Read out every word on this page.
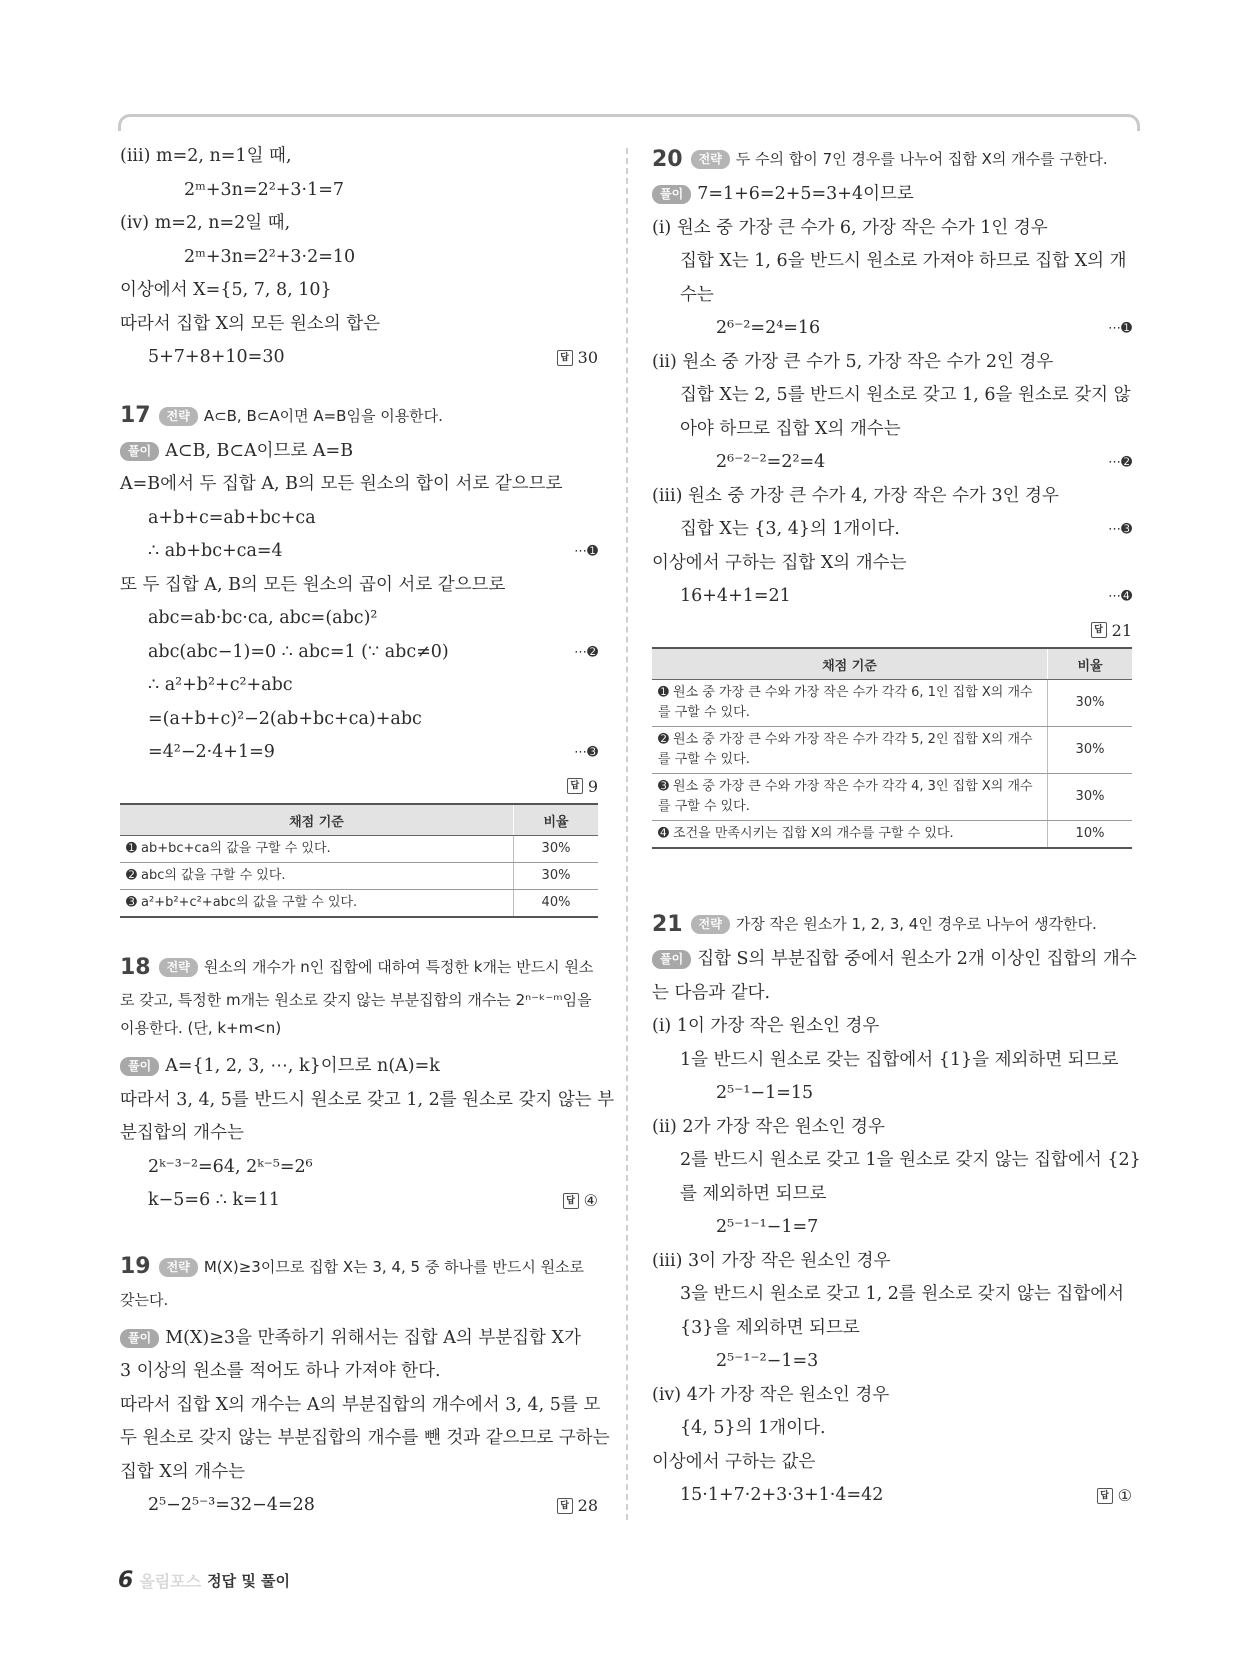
(iii) m=2, n=1일 때,
2ᵐ+3n=2²+3·1=7
(iv) m=2, n=2일 때,
2ᵐ+3n=2²+3·2=10
이상에서 X={5, 7, 8, 10}
따라서 집합 X의 모든 원소의 합은
5+7+8+10=30	답 30
17 전략 A⊂B, B⊂A이면 A=B임을 이용한다.
풀이 A⊂B, B⊂A이므로 A=B
A=B에서 두 집합 A, B의 모든 원소의 합이 서로 같으므로
a+b+c=ab+bc+ca
∴ ab+bc+ca=4	⋯➊
또 두 집합 A, B의 모든 원소의 곱이 서로 같으므로
abc=ab·bc·ca, abc=(abc)²
abc(abc−1)=0 ∴ abc=1 (∵ abc≠0)	⋯➋
∴ a²+b²+c²+abc
=(a+b+c)²−2(ab+bc+ca)+abc
=4²−2·4+1=9	⋯➌
답 9
채점 기준	비율
➊ ab+bc+ca의 값을 구할 수 있다.	30%
➋ abc의 값을 구할 수 있다.	30%
➌ a²+b²+c²+abc의 값을 구할 수 있다.	40%
18 전략 원소의 개수가 n인 집합에 대하여 특정한 k개는 반드시 원소
로 갖고, 특정한 m개는 원소로 갖지 않는 부분집합의 개수는 2ⁿ⁻ᵏ⁻ᵐ임을
이용한다. (단, k+m<n)
풀이 A={1, 2, 3, ⋯, k}이므로 n(A)=k
따라서 3, 4, 5를 반드시 원소로 갖고 1, 2를 원소로 갖지 않는 부
분집합의 개수는
2ᵏ⁻³⁻²=64, 2ᵏ⁻⁵=2⁶
k−5=6 ∴ k=11	답 ④
19 전략 M(X)≥3이므로 집합 X는 3, 4, 5 중 하나를 반드시 원소로
갖는다.
풀이 M(X)≥3을 만족하기 위해서는 집합 A의 부분집합 X가
3 이상의 원소를 적어도 하나 가져야 한다.
따라서 집합 X의 개수는 A의 부분집합의 개수에서 3, 4, 5를 모
두 원소로 갖지 않는 부분집합의 개수를 뺀 것과 같으므로 구하는
집합 X의 개수는
2⁵−2⁵⁻³=32−4=28	답 28
20 전략 두 수의 합이 7인 경우를 나누어 집합 X의 개수를 구한다.
풀이 7=1+6=2+5=3+4이므로
(i) 원소 중 가장 큰 수가 6, 가장 작은 수가 1인 경우
집합 X는 1, 6을 반드시 원소로 가져야 하므로 집합 X의 개
수는
2⁶⁻²=2⁴=16	⋯➊
(ii) 원소 중 가장 큰 수가 5, 가장 작은 수가 2인 경우
집합 X는 2, 5를 반드시 원소로 갖고 1, 6을 원소로 갖지 않
아야 하므로 집합 X의 개수는
2⁶⁻²⁻²=2²=4	⋯➋
(iii) 원소 중 가장 큰 수가 4, 가장 작은 수가 3인 경우
집합 X는 {3, 4}의 1개이다.	⋯➌
이상에서 구하는 집합 X의 개수는
16+4+1=21	⋯➍
답 21
채점 기준	비율
➊ 원소 중 가장 큰 수와 가장 작은 수가 각각 6, 1인 집합 X의 개수를 구할 수 있다.	30%
➋ 원소 중 가장 큰 수와 가장 작은 수가 각각 5, 2인 집합 X의 개수를 구할 수 있다.	30%
➌ 원소 중 가장 큰 수와 가장 작은 수가 각각 4, 3인 집합 X의 개수를 구할 수 있다.	30%
➍ 조건을 만족시키는 집합 X의 개수를 구할 수 있다.	10%
21 전략 가장 작은 원소가 1, 2, 3, 4인 경우로 나누어 생각한다.
풀이 집합 S의 부분집합 중에서 원소가 2개 이상인 집합의 개수
는 다음과 같다.
(i) 1이 가장 작은 원소인 경우
1을 반드시 원소로 갖는 집합에서 {1}을 제외하면 되므로
2⁵⁻¹−1=15
(ii) 2가 가장 작은 원소인 경우
2를 반드시 원소로 갖고 1을 원소로 갖지 않는 집합에서 {2}
를 제외하면 되므로
2⁵⁻¹⁻¹−1=7
(iii) 3이 가장 작은 원소인 경우
3을 반드시 원소로 갖고 1, 2를 원소로 갖지 않는 집합에서
{3}을 제외하면 되므로
2⁵⁻¹⁻²−1=3
(iv) 4가 가장 작은 원소인 경우
{4, 5}의 1개이다.
이상에서 구하는 값은
15·1+7·2+3·3+1·4=42	답 ①
6 올림포스 정답 및 풀이
